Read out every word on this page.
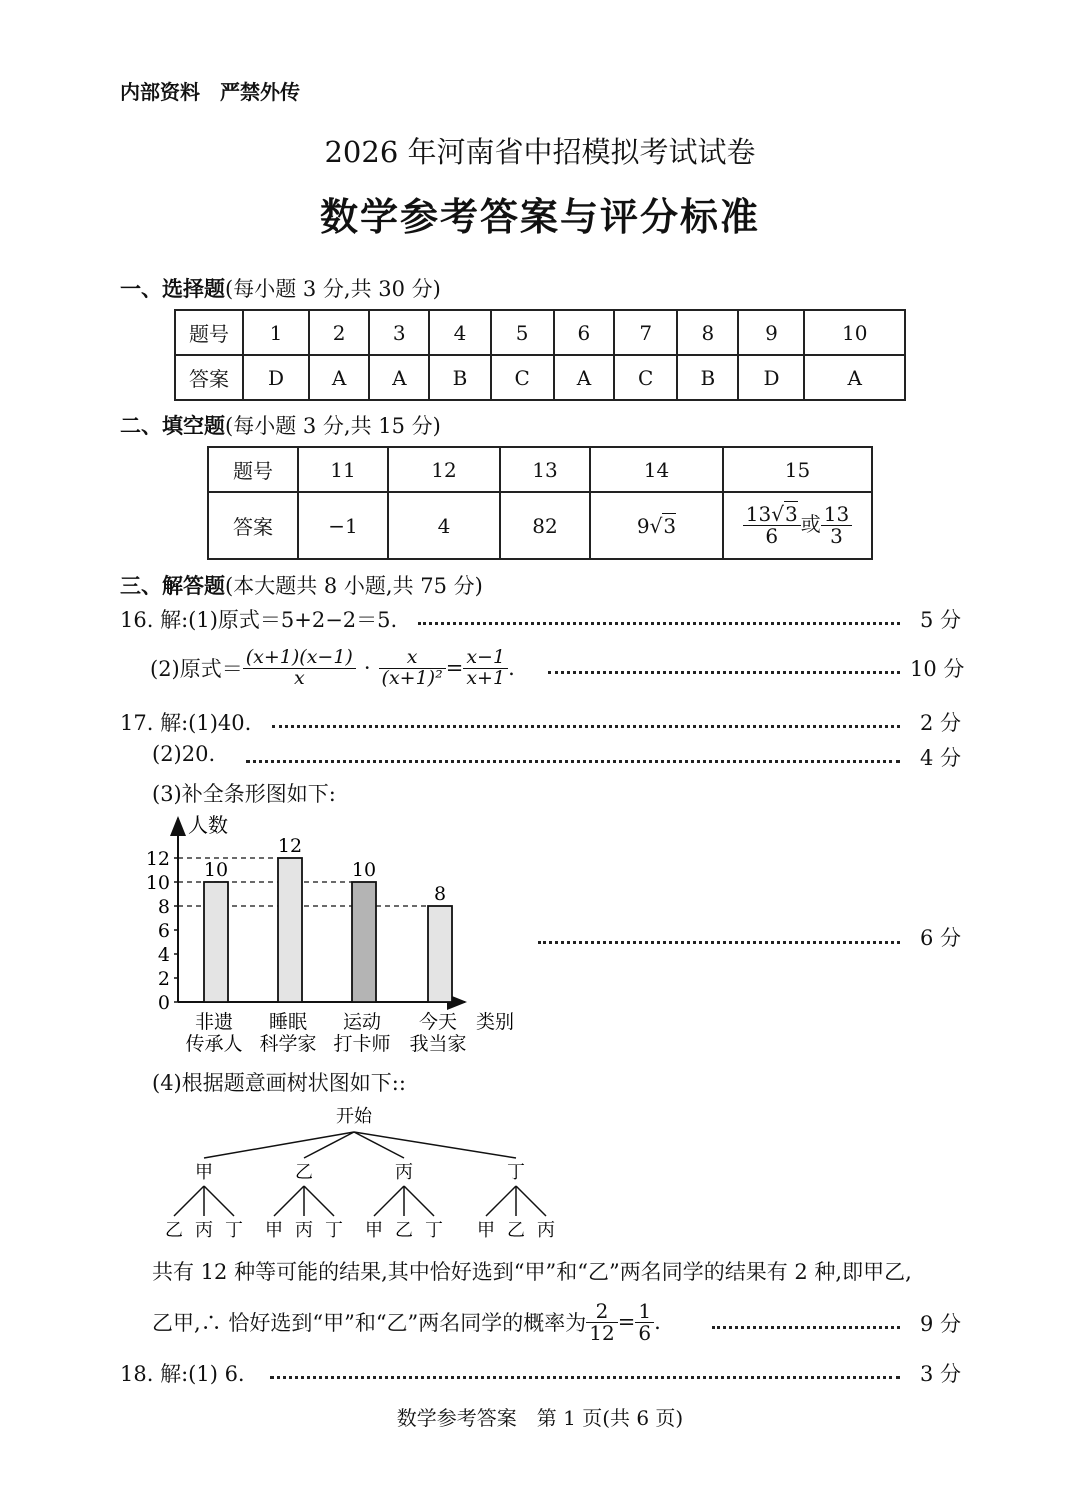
内部资料　严禁外传
2026 年河南省中招模拟考试试卷
数学参考答案与评分标准
一、选择题(每小题 3 分,共 30 分)
题号	1	2	3	4	5	6	7	8	9	10
答案	D	A	A	B	C	A	C	B	D	A
二、填空题(每小题 3 分,共 15 分)
题号	11	12	13	14	15
答案	−1	4	82	9√3	$\frac{13√3}{6}$ 或 $\frac{13}{3}$
三、解答题(本大题共 8 小题,共 75 分)
16. 解:(1)原式＝5+2−2＝5.	5 分
(2)原式＝ $\frac{(x+1)(x-1)}{x} \cdot \frac{x}{\text{(x+1)²}} = \frac{x-1}{x+1}$ .	10 分
17. 解:(1)40.	2 分
(2)20.	4 分
(3)补全条形图如下:
人数
类别
0
2
4
6
8
10
12 10
非遗
传承人
12
睡眠
科学家
10
运动
打卡师
8
今天
我当家
6 分
(4)根据题意画树状图如下::
开始
甲
乙 丙 丁
乙
甲 丙 丁
丙
甲 乙 丁
丁
甲 乙 丙
共有 12 种等可能的结果,其中恰好选到“甲”和“乙”两名同学的结果有 2 种,即甲乙,
乙甲,∴ 恰好选到“甲”和“乙”两名同学的概率为 $\frac{2}{12} = \frac{1}{6}$ .	9 分
18. 解:(1) 6.	3 分
数学参考答案　第 1 页(共 6 页)
